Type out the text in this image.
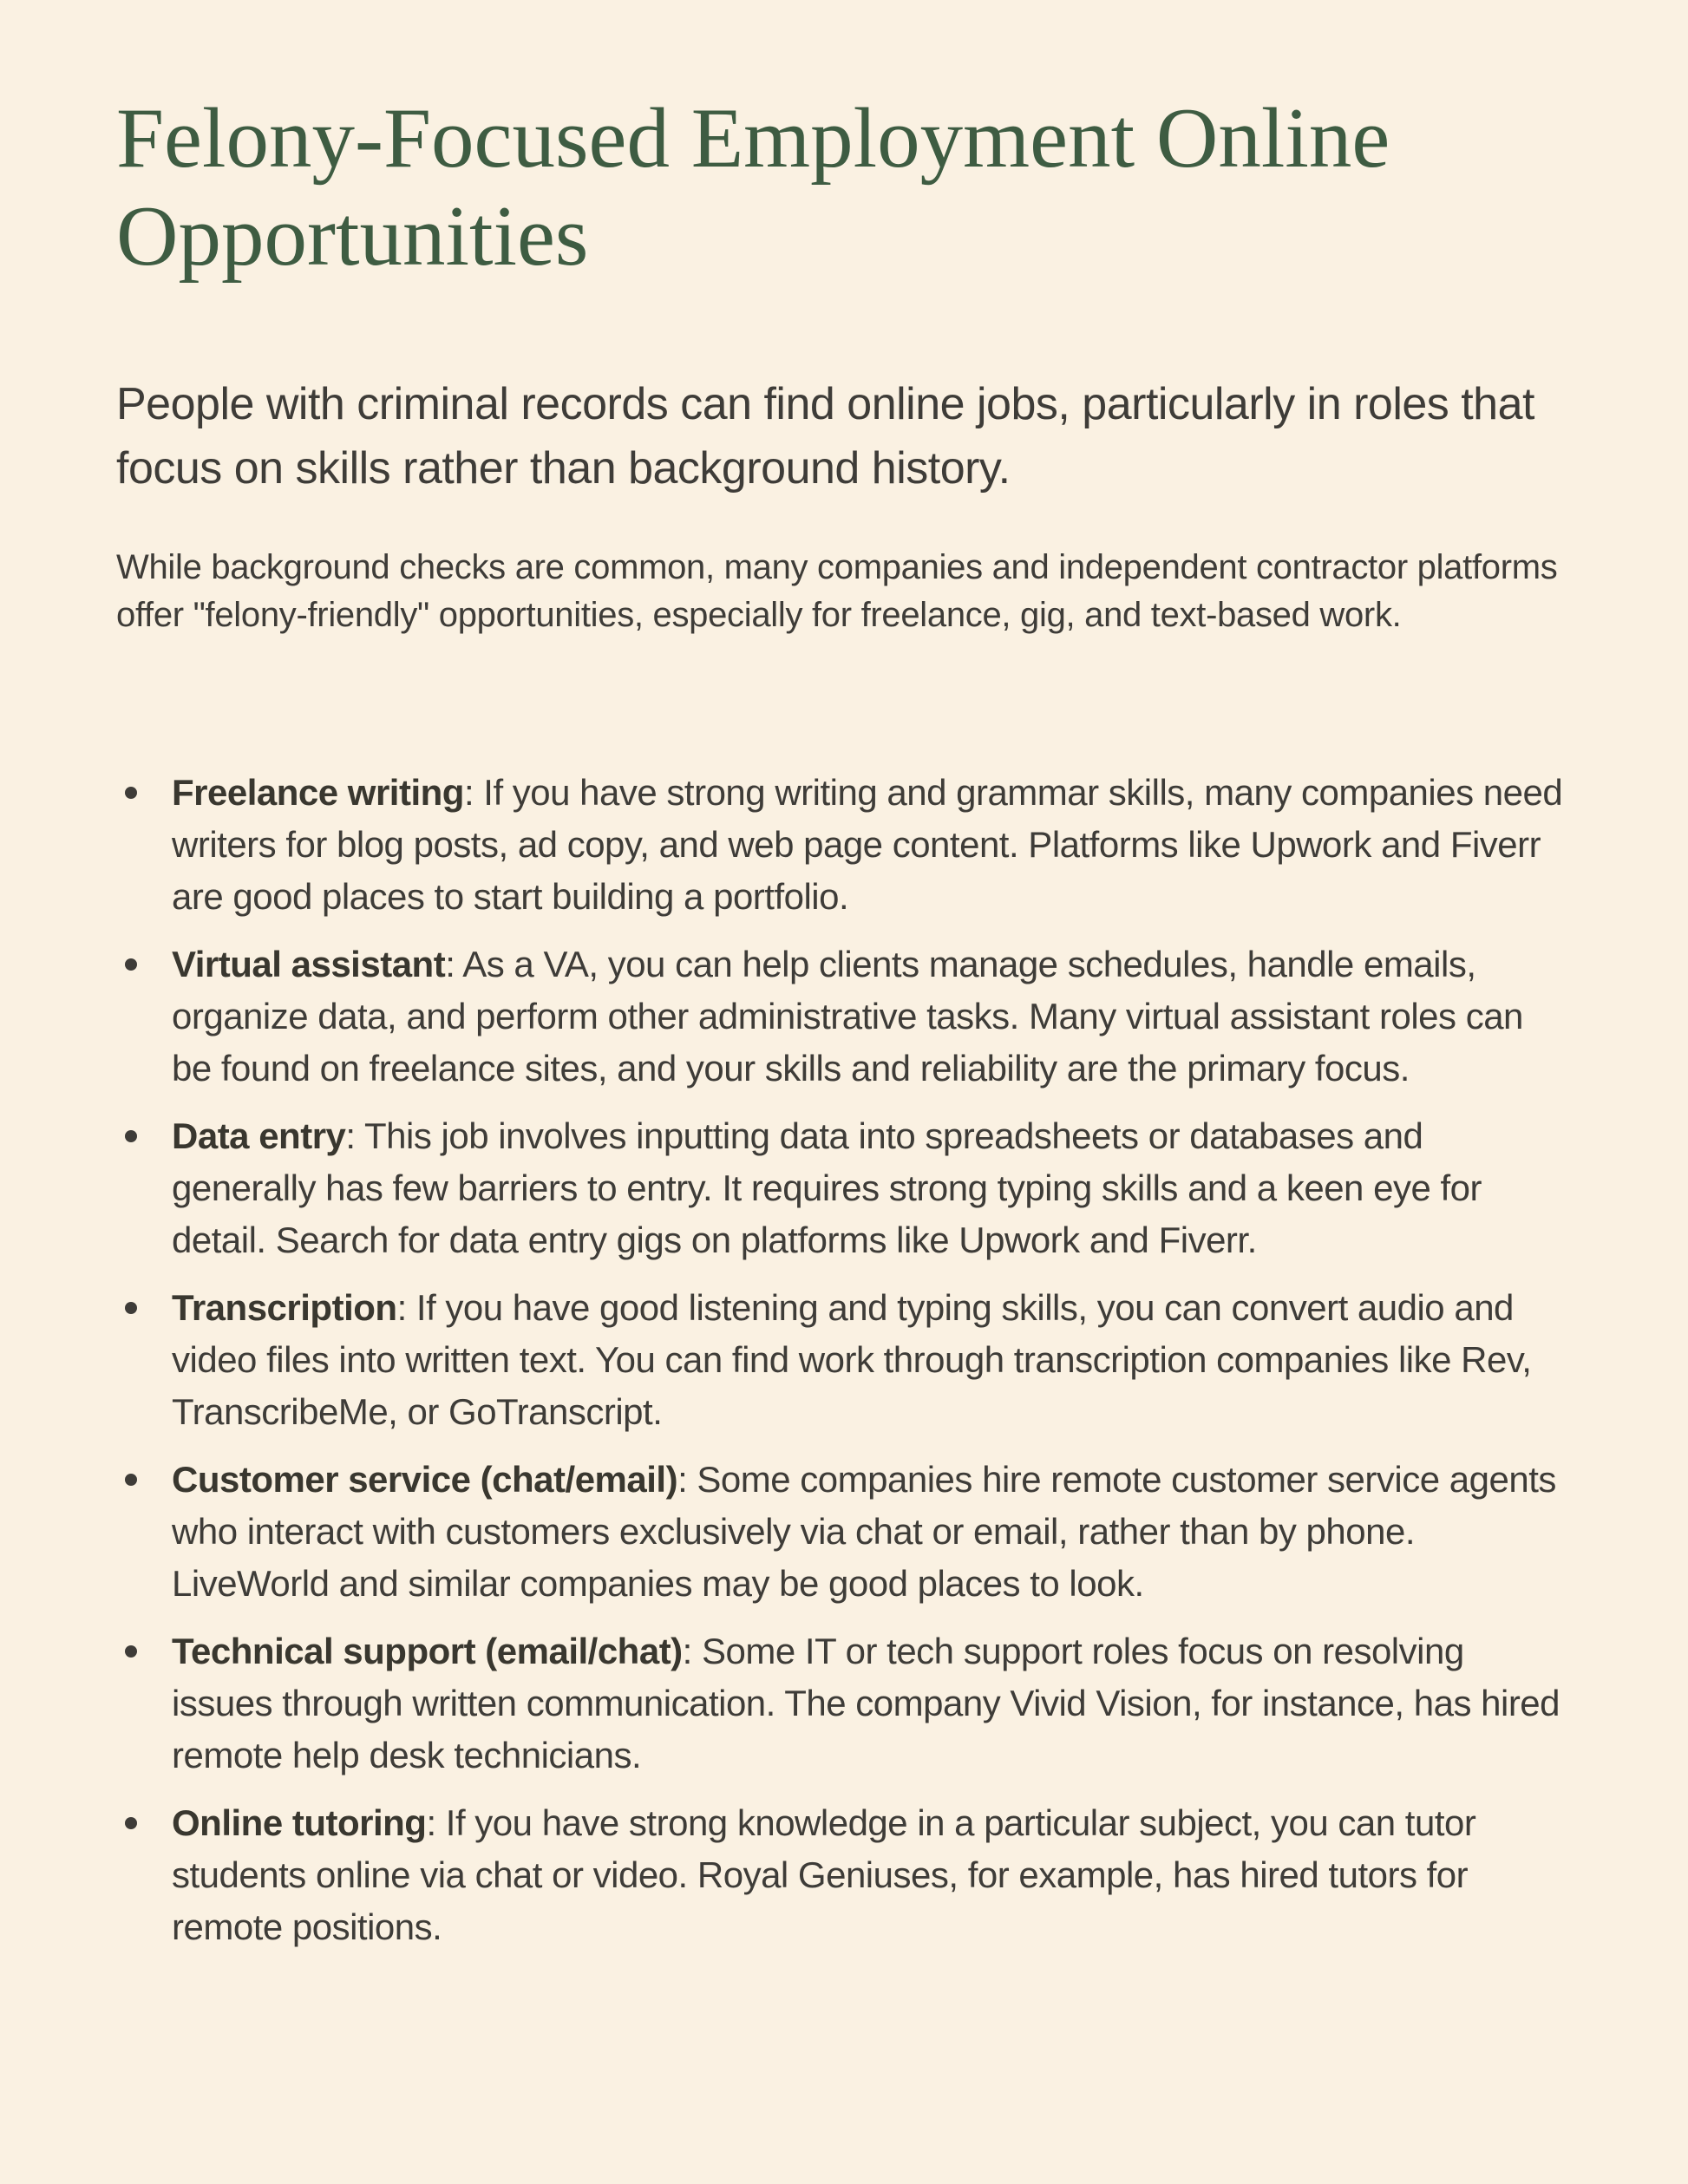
Felony-Focused Employment Online Opportunities

People with criminal records can find online jobs, particularly in roles that focus on skills rather than background history.

While background checks are common, many companies and independent contractor platforms offer "felony-friendly" opportunities, especially for freelance, gig, and text-based work.

Freelance writing: If you have strong writing and grammar skills, many companies need writers for blog posts, ad copy, and web page content. Platforms like Upwork and Fiverr are good places to start building a portfolio.
Virtual assistant: As a VA, you can help clients manage schedules, handle emails, organize data, and perform other administrative tasks. Many virtual assistant roles can be found on freelance sites, and your skills and reliability are the primary focus.
Data entry: This job involves inputting data into spreadsheets or databases and generally has few barriers to entry. It requires strong typing skills and a keen eye for detail. Search for data entry gigs on platforms like Upwork and Fiverr.
Transcription: If you have good listening and typing skills, you can convert audio and video files into written text. You can find work through transcription companies like Rev, TranscribeMe, or GoTranscript.
Customer service (chat/email): Some companies hire remote customer service agents who interact with customers exclusively via chat or email, rather than by phone. LiveWorld and similar companies may be good places to look.
Technical support (email/chat): Some IT or tech support roles focus on resolving issues through written communication. The company Vivid Vision, for instance, has hired remote help desk technicians.
Online tutoring: If you have strong knowledge in a particular subject, you can tutor students online via chat or video. Royal Geniuses, for example, has hired tutors for remote positions.
